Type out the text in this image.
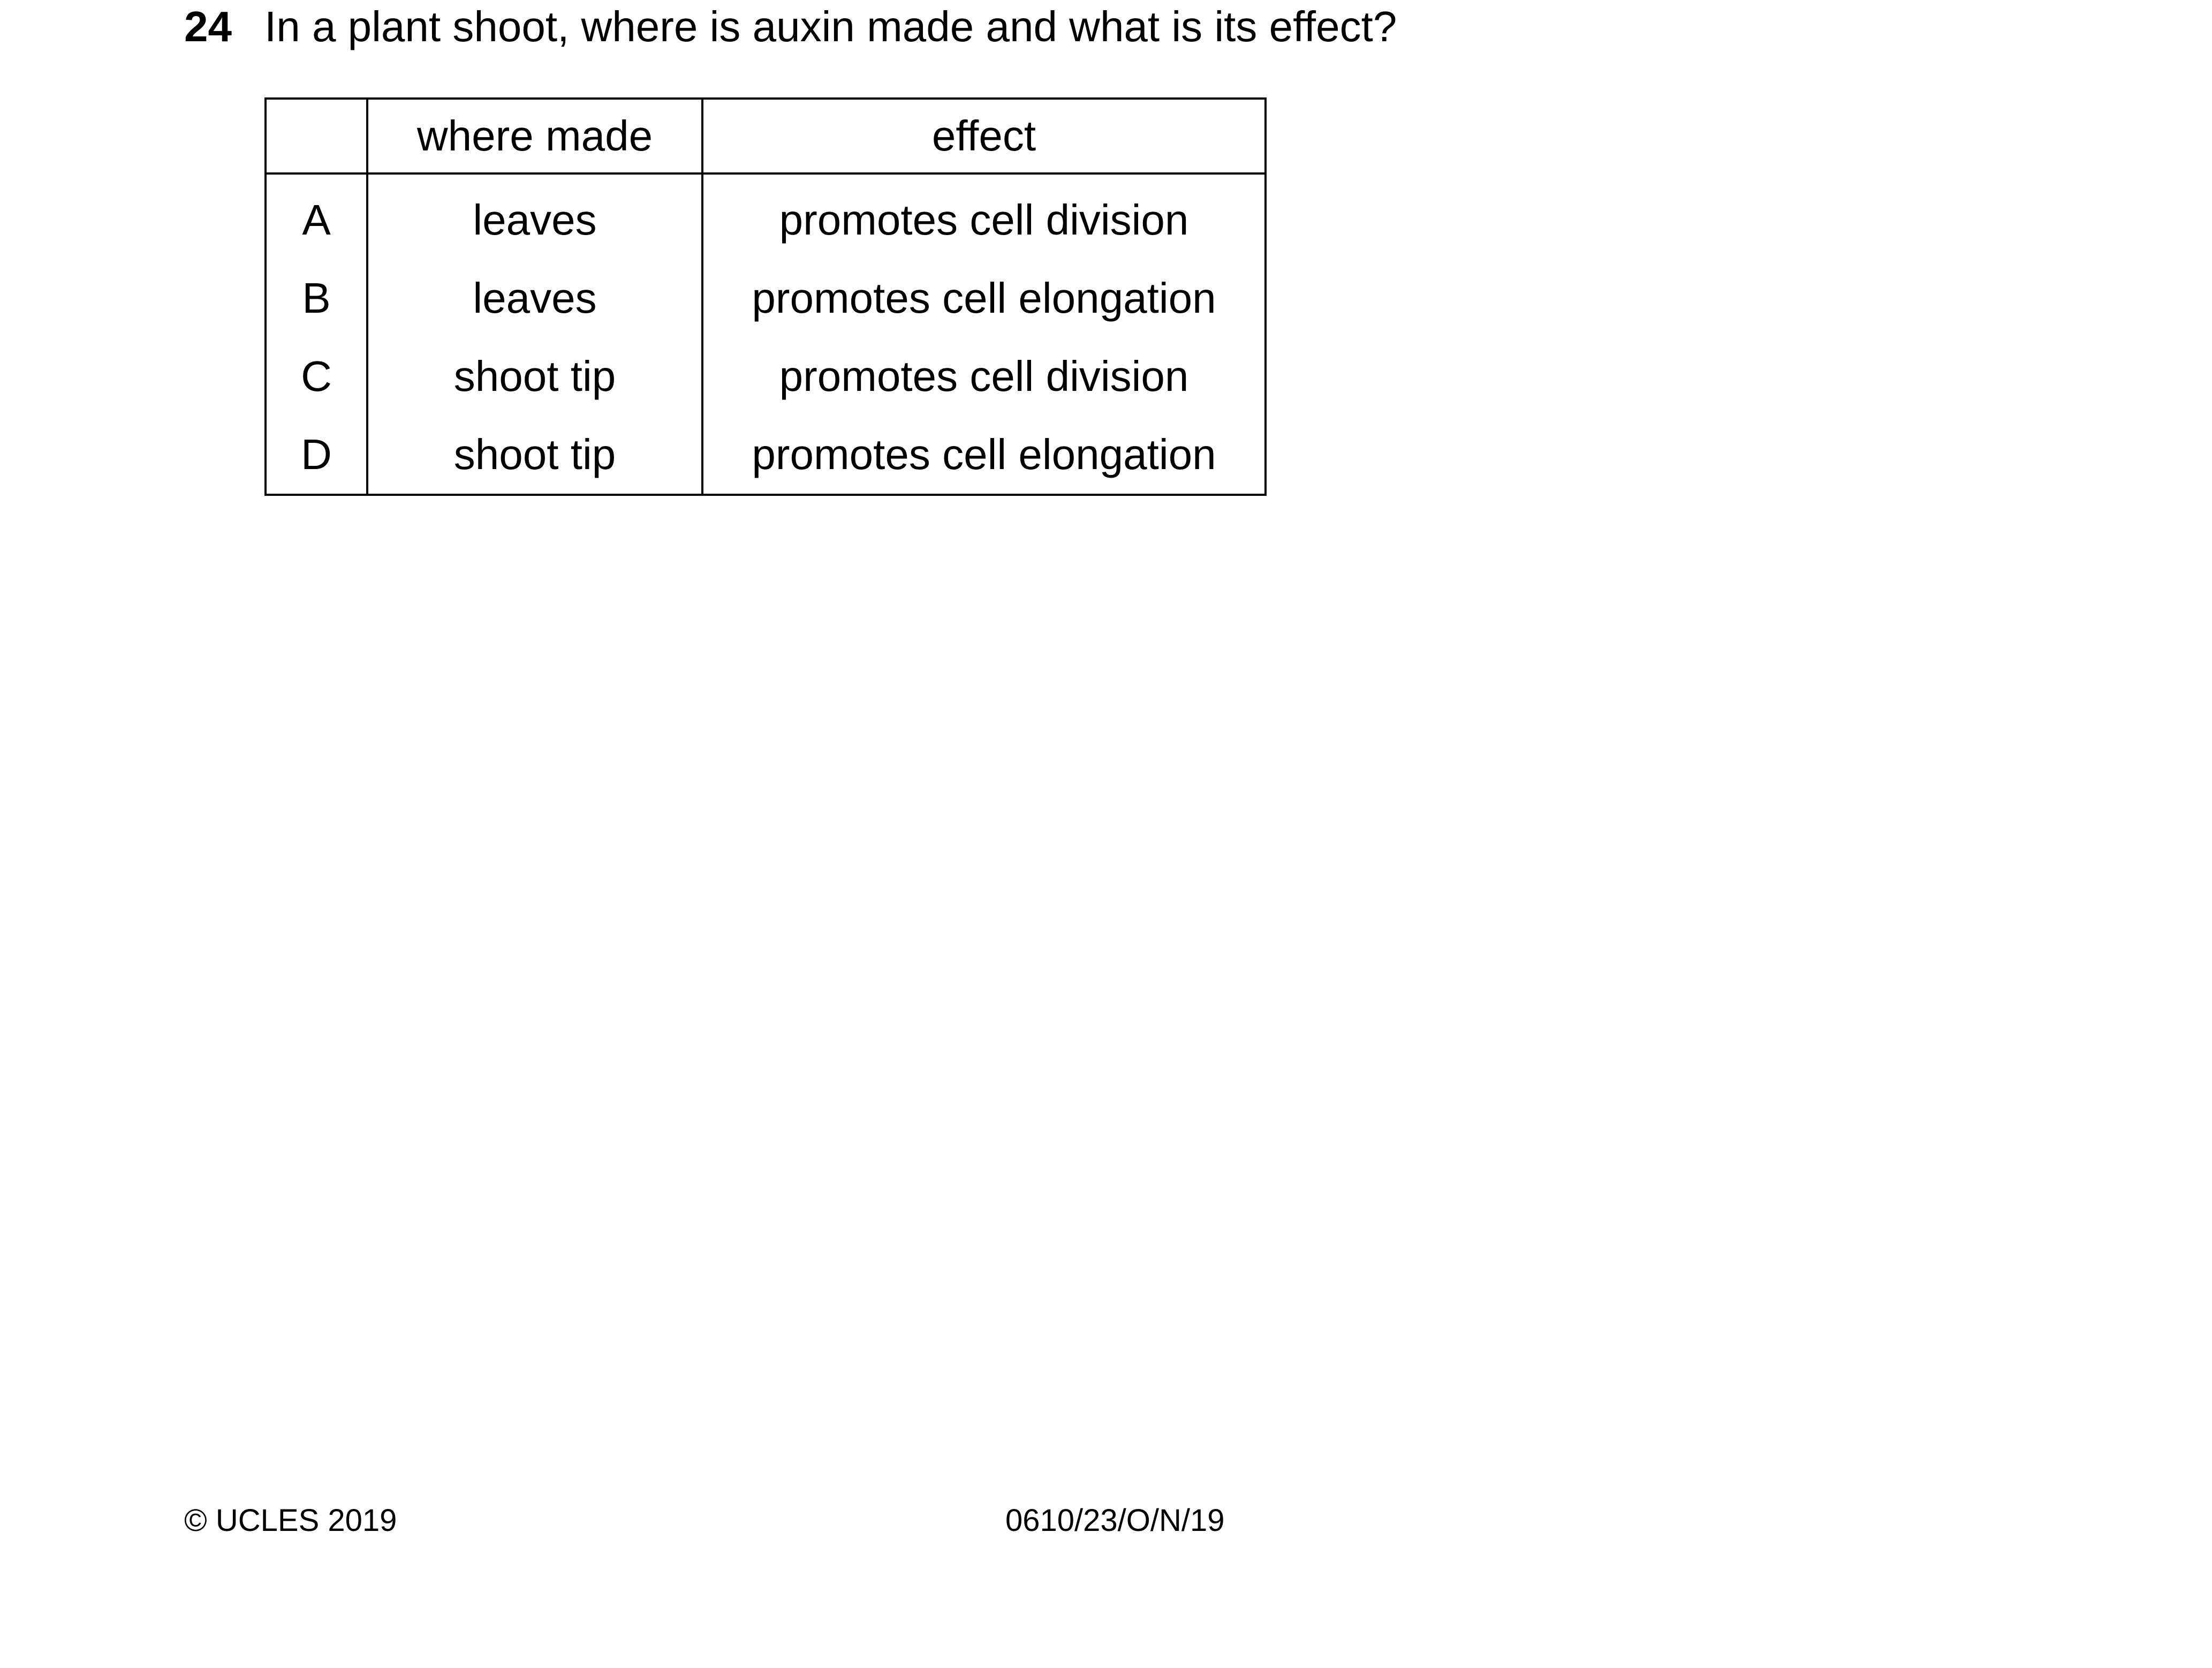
24 In a plant shoot, where is auxin made and what is its effect?
	where made	effect
A	leaves	promotes cell division
B	leaves	promotes cell elongation
C	shoot tip	promotes cell division
D	shoot tip	promotes cell elongation
© UCLES 2019	0610/23/O/N/19
